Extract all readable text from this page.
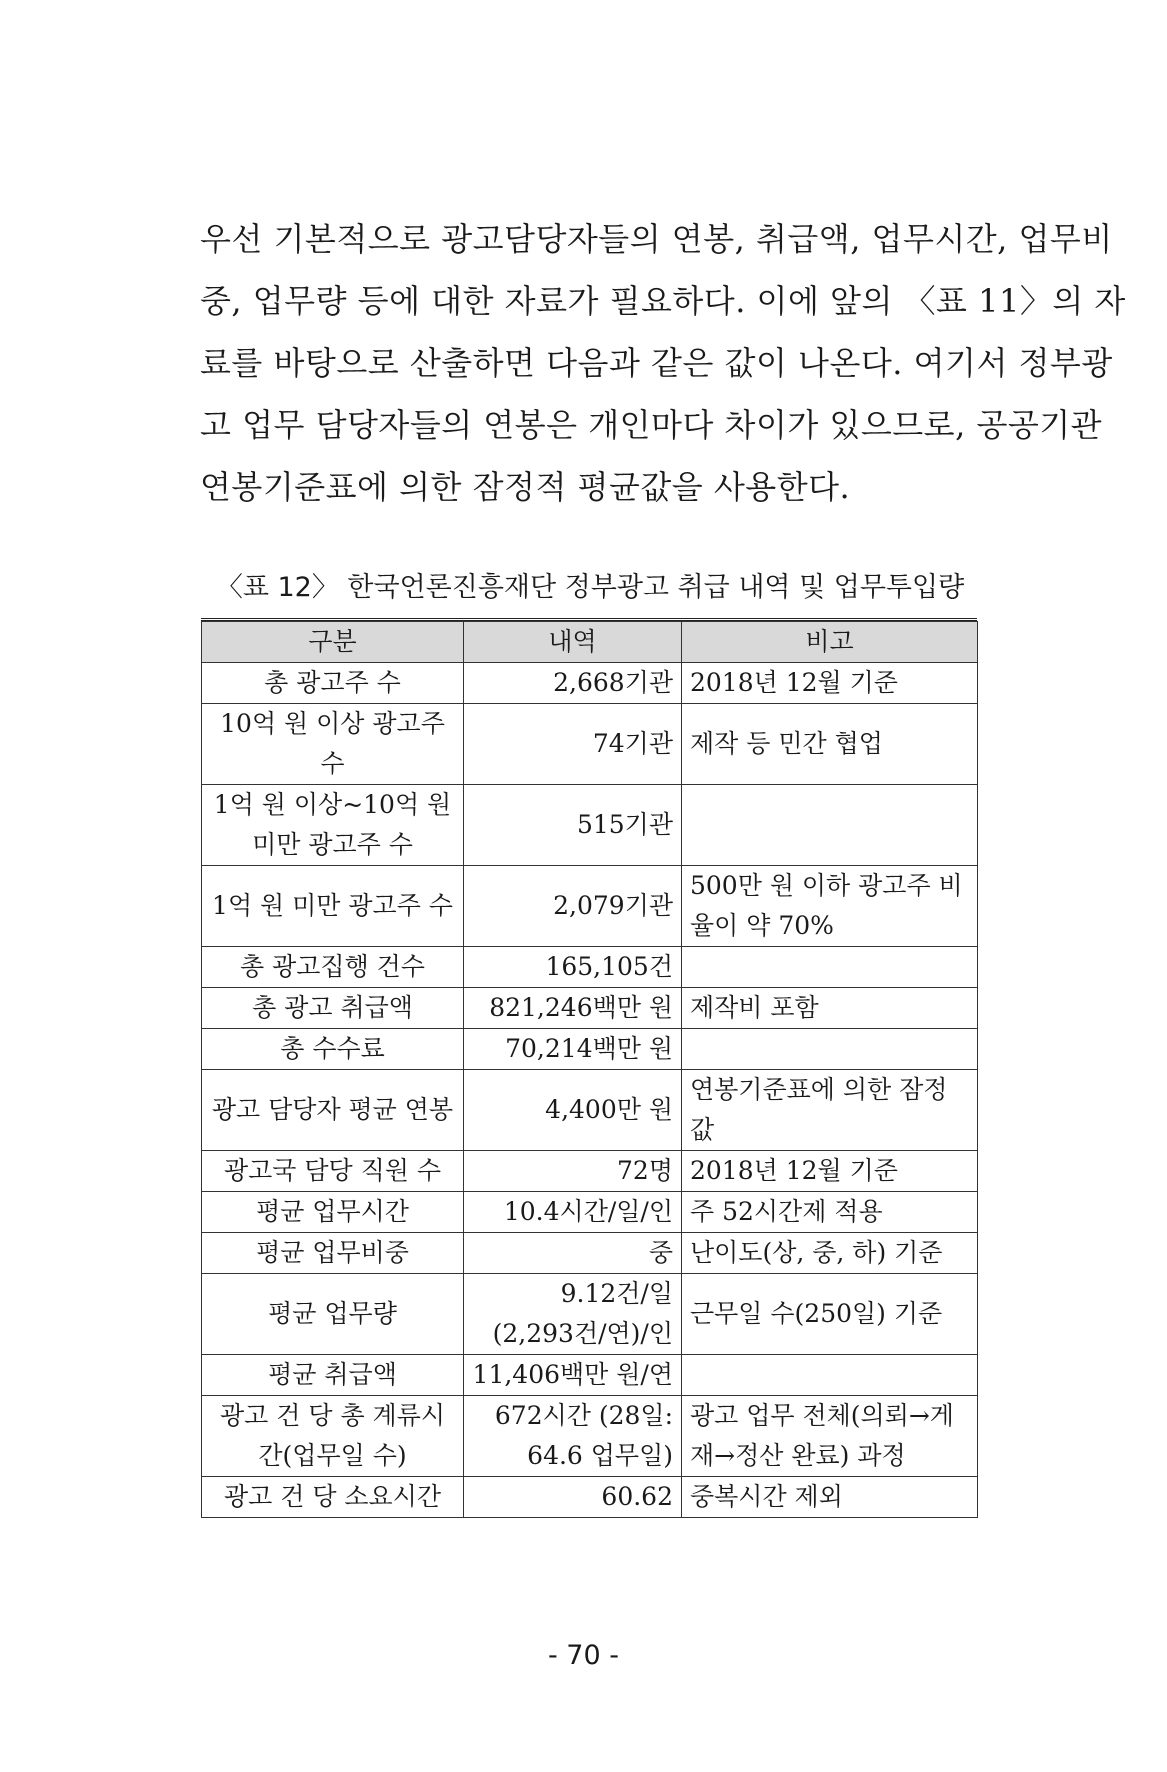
우선 기본적으로 광고담당자들의 연봉, 취급액, 업무시간, 업무비
중, 업무량 등에 대한 자료가 필요하다. 이에 앞의 〈표 11〉의 자
료를 바탕으로 산출하면 다음과 같은 값이 나온다. 여기서 정부광
고 업무 담당자들의 연봉은 개인마다 차이가 있으므로, 공공기관
연봉기준표에 의한 잠정적 평균값을 사용한다.
〈표 12〉 한국언론진흥재단 정부광고 취급 내역 및 업무투입량
구분	내역	비고
총 광고주 수	2,668기관	2018년 12월 기준
10억 원 이상 광고주 수	74기관	제작 등 민간 협업
1억 원 이상~10억 원 미만 광고주 수	515기관	
1억 원 미만 광고주 수	2,079기관	500만 원 이하 광고주 비율이 약 70%
총 광고집행 건수	165,105건	
총 광고 취급액	821,246백만 원	제작비 포함
총 수수료	70,214백만 원	
광고 담당자 평균 연봉	4,400만 원	연봉기준표에 의한 잠정값
광고국 담당 직원 수	72명	2018년 12월 기준
평균 업무시간	10.4시간/일/인	주 52시간제 적용
평균 업무비중	중	난이도(상, 중, 하) 기준
평균 업무량	9.12건/일 (2,293건/연)/인	근무일 수(250일) 기준
평균 취급액	11,406백만 원/연	
광고 건 당 총 계류시간(업무일 수)	672시간 (28일: 64.6 업무일)	광고 업무 전체(의뢰→게재→정산 완료) 과정
광고 건 당 소요시간	60.62	중복시간 제외
- 70 -
